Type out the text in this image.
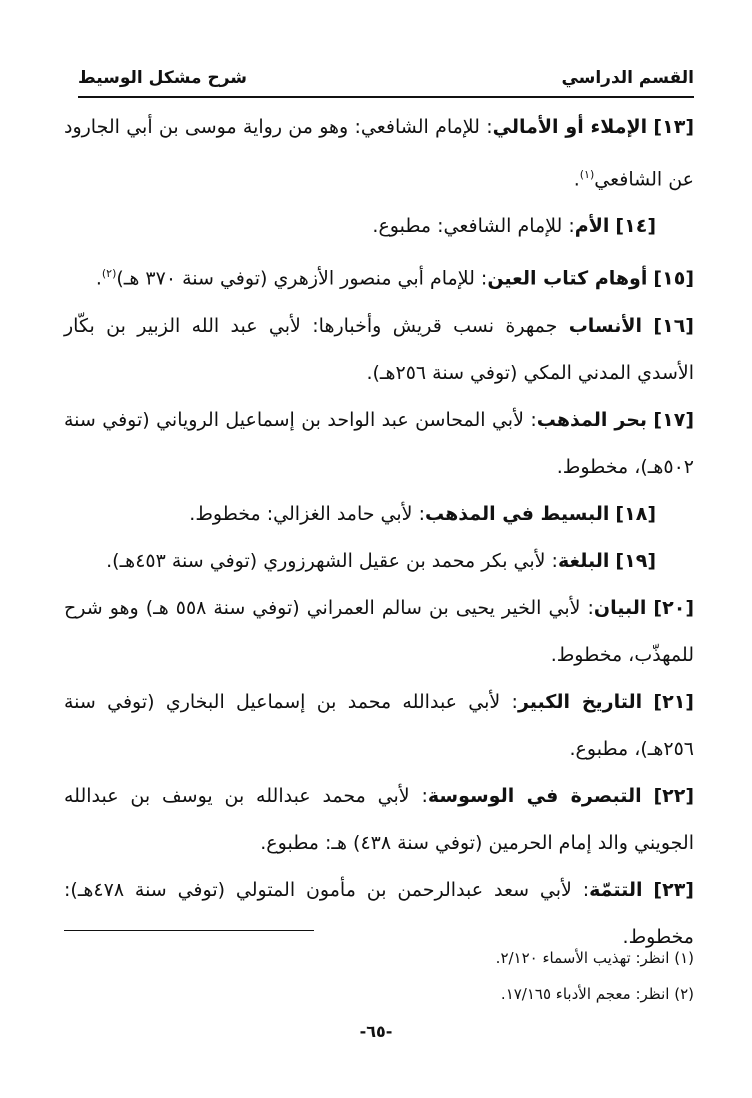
القسم الدراسي
شرح مشكل الوسيط

[١٣] الإملاء أو الأمالي: للإمام الشافعي: وهو من رواية موسى بن أبي الجارود عن الشافعي$^{(١)}$.

[١٤] الأم: للإمام الشافعي: مطبوع.

[١٥] أوهام كتاب العين: للإمام أبي منصور الأزهري (توفي سنة ٣٧٠ هـ)$^{(٢)}$.

[١٦] الأنساب جمهرة نسب قريش وأخبارها: لأبي عبد الله الزبير بن بكّار الأسدي المدني المكي (توفي سنة ٢٥٦هـ).

[١٧] بحر المذهب: لأبي المحاسن عبد الواحد بن إسماعيل الروياني (توفي سنة ٥٠٢هـ)، مخطوط.

[١٨] البسيط في المذهب: لأبي حامد الغزالي: مخطوط.

[١٩] البلغة: لأبي بكر محمد بن عقيل الشهرزوري (توفي سنة ٤٥٣هـ).

[٢٠] البيان: لأبي الخير يحيى بن سالم العمراني (توفي سنة ٥٥٨ هـ) وهو شرح للمهذّب، مخطوط.

[٢١] التاريخ الكبير: لأبي عبدالله محمد بن إسماعيل البخاري (توفي سنة ٢٥٦هـ)، مطبوع.

[٢٢] التبصرة في الوسوسة: لأبي محمد عبدالله بن يوسف بن عبدالله الجويني والد إمام الحرمين (توفي سنة ٤٣٨) هـ: مطبوع.

[٢٣] التتمّة: لأبي سعد عبدالرحمن بن مأمون المتولي (توفي سنة ٤٧٨هـ): مخطوط.

(١) انظر: تهذيب الأسماء ٢/١٢٠.
(٢) انظر: معجم الأدباء ١٧/١٦٥.
-٦٥-
